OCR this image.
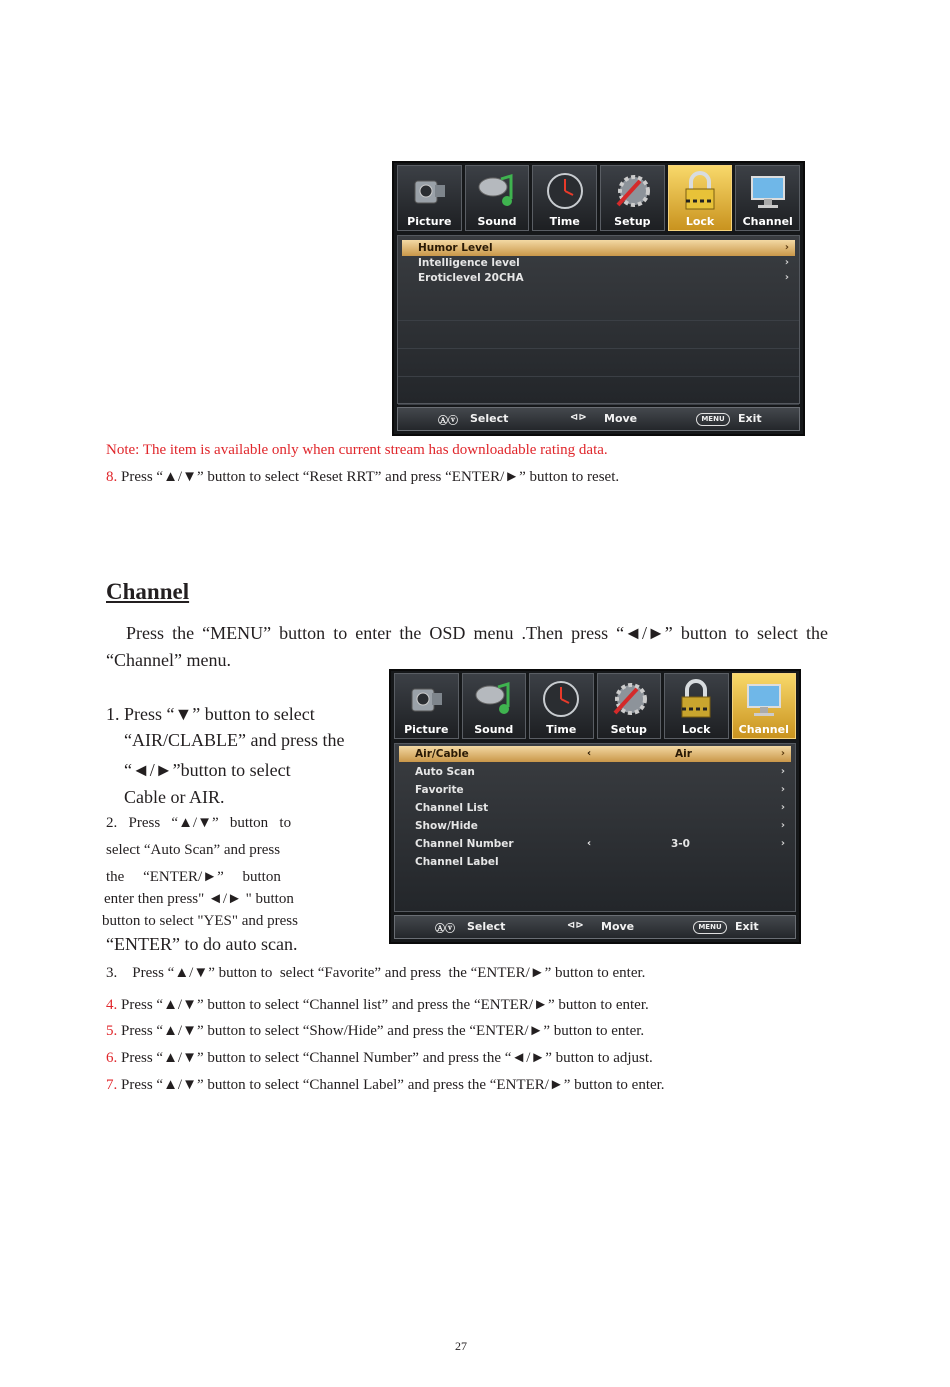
Picture	Sound	Time	Setup	Lock	Channel
Humor Level	›
Intelligence level	›
Eroticlevel 20CHA	›
Ⓐⓥ Select	⊲⊳ Move	MENU	Exit
Note: The item is available only when current stream has downloadable rating data.
8. Press “▲/▼” button to select “Reset RRT” and press “ENTER/►” button to reset.
Channel
Press the “MENU” button to enter the OSD menu .Then press “◄/►” button to select the “Channel” menu.
Picture	Sound	Time	Setup	Lock	Channel
Air/Cable	‹	Air	›
Auto Scan	›
Favorite	›
Channel List	›
Show/Hide	›
Channel Number	‹	3-0	›
Channel Label
Ⓐⓥ Select	⊲⊳ Move	MENU	Exit
1. Press “▼” button to select
“AIR/CLABLE” and press the
“◄/►”button to select
Cable or AIR.
2.   Press   “▲/▼”   button   to
select “Auto Scan” and press
the     “ENTER/►”     button
enter then press" ◄/► " button
button to select "YES" and press
“ENTER” to do auto scan.
3.    Press “▲/▼” button to  select “Favorite” and press  the “ENTER/►” button to enter.
4. Press “▲/▼” button to select “Channel list” and press the “ENTER/►” button to enter.
5. Press “▲/▼” button to select “Show/Hide” and press the “ENTER/►” button to enter.
6. Press “▲/▼” button to select “Channel Number” and press the “◄/►” button to adjust.
7. Press “▲/▼” button to select “Channel Label” and press the “ENTER/►” button to enter.
27
